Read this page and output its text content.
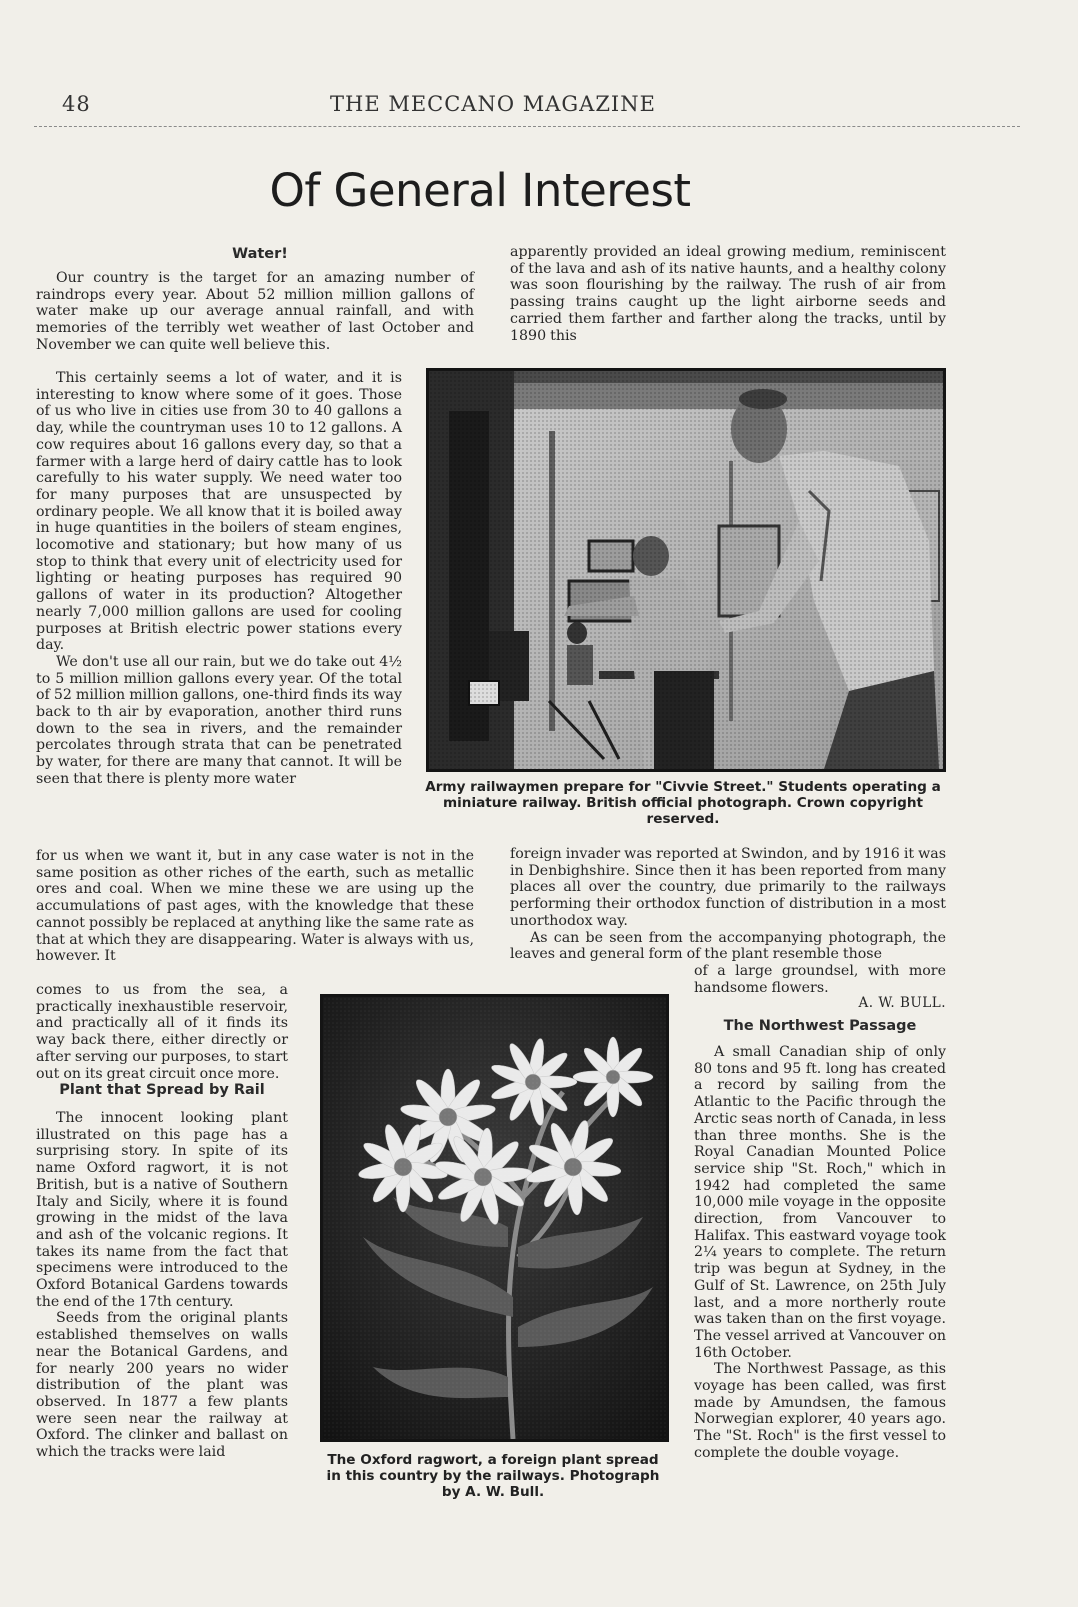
48	THE MECCANO MAGAZINE
Of General Interest
Water!

Our country is the target for an amazing number of raindrops every year. About 52 million million gallons of water make up our average annual rainfall, and with memories of the terribly wet weather of last October and November we can quite well believe this.

This certainly seems a lot of water, and it is interesting to know where some of it goes. Those of us who live in cities use from 30 to 40 gallons a day, while the countryman uses 10 to 12 gallons. A cow requires about 16 gallons every day, so that a farmer with a large herd of dairy cattle has to look carefully to his water supply. We need water too for many purposes that are unsuspected by ordinary people. We all know that it is boiled away in huge quantities in the boilers of steam engines, locomotive and stationary; but how many of us stop to think that every unit of electricity used for lighting or heating purposes has required 90 gallons of water in its production? Altogether nearly 7,000 million gallons are used for cooling purposes at British electric power stations every day.

We don't use all our rain, but we do take out 4½ to 5 million million gallons every year. Of the total of 52 million million gallons, one-third finds its way back to th air by evaporation, another third runs down to the sea in rivers, and the remainder percolates through strata that can be penetrated by water, for there are many that cannot. It will be seen that there is plenty more water

for us when we want it, but in any case water is not in the same position as other riches of the earth, such as metallic ores and coal. When we mine these we are using up the accumulations of past ages, with the knowledge that these cannot possibly be replaced at anything like the same rate as that at which they are disappearing. Water is always with us, however. It

comes to us from the sea, a practically inexhaustible reservoir, and practically all of it finds its way back there, either directly or after serving our purposes, to start out on its great circuit once more.

Plant that Spread by Rail

The innocent looking plant illustrated on this page has a surprising story. In spite of its name Oxford ragwort, it is not British, but is a native of Southern Italy and Sicily, where it is found growing in the midst of the lava and ash of the volcanic regions. It takes its name from the fact that specimens were introduced to the Oxford Botanical Gardens towards the end of the 17th century.

Seeds from the original plants established themselves on walls near the Botanical Gardens, and for nearly 200 years no wider distribution of the plant was observed. In 1877 a few plants were seen near the railway at Oxford. The clinker and ballast on which the tracks were laid

apparently provided an ideal growing medium, reminiscent of the lava and ash of its native haunts, and a healthy colony was soon flourishing by the railway. The rush of air from passing trains caught up the light airborne seeds and carried them farther and farther along the tracks, until by 1890 this

Army railwaymen prepare for "Civvie Street." Students operating a miniature railway. British official photograph. Crown copyright reserved.

foreign invader was reported at Swindon, and by 1916 it was in Denbighshire. Since then it has been reported from many places all over the country, due primarily to the railways performing their orthodox function of distribution in a most unorthodox way.

As can be seen from the accompanying photograph, the leaves and general form of the plant resemble those

of a large groundsel, with more handsome flowers.

A. W. BULL.
The Oxford ragwort, a foreign plant spread in this country by the railways. Photograph by A. W. Bull.
The Northwest Passage

A small Canadian ship of only 80 tons and 95 ft. long has created a record by sailing from the Atlantic to the Pacific through the Arctic seas north of Canada, in less than three months. She is the Royal Canadian Mounted Police service ship "St. Roch," which in 1942 had completed the same 10,000 mile voyage in the opposite direction, from Vancouver to Halifax. This eastward voyage took 2¼ years to complete. The return trip was begun at Sydney, in the Gulf of St. Lawrence, on 25th July last, and a more northerly route was taken than on the first voyage. The vessel arrived at Vancouver on 16th October.

The Northwest Passage, as this voyage has been called, was first made by Amundsen, the famous Norwegian explorer, 40 years ago. The "St. Roch" is the first vessel to complete the double voyage.
